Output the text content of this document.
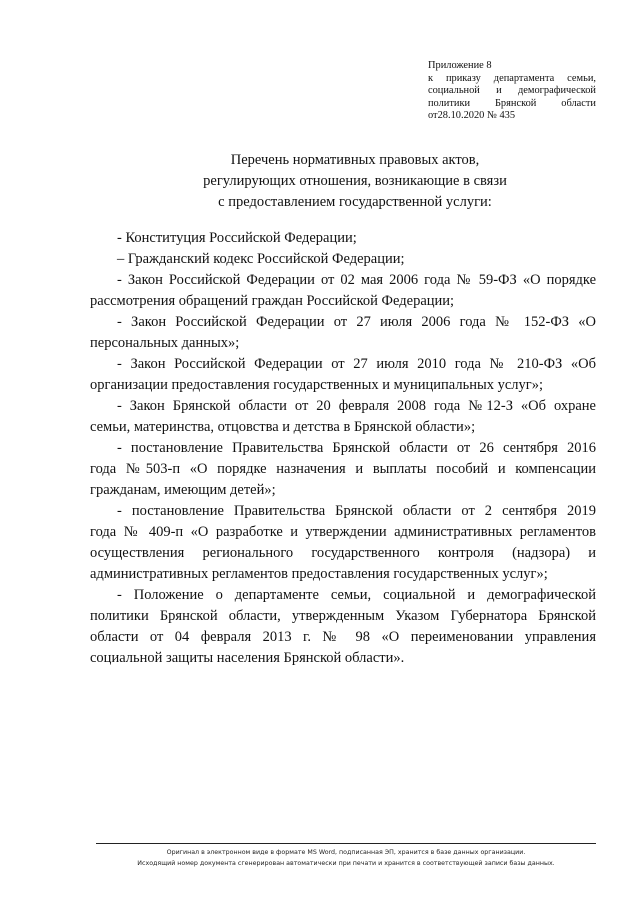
Приложение 8
к приказу департамента семьи,
социальной и демографической
политики Брянской области
от28.10.2020 № 435
Перечень нормативных правовых актов,
регулирующих отношения, возникающие в связи
с предоставлением государственной услуги:
- Конституция Российской Федерации;
– Гражданский кодекс Российской Федерации;
- Закон Российской Федерации от 02 мая 2006 года № 59-ФЗ «О порядке
рассмотрения обращений граждан Российской Федерации;
- Закон Российской Федерации от 27 июля 2006 года № 152-ФЗ «О
персональных данных»;
- Закон Российской Федерации от 27 июля 2010 года № 210-ФЗ «Об
организации предоставления государственных и муниципальных услуг»;
- Закон Брянской области от 20 февраля 2008 года №12-З «Об охране
семьи, материнства, отцовства и детства в Брянской области»;
- постановление Правительства Брянской области от 26 сентября 2016
года №503-п «О порядке назначения и выплаты пособий и компенсации
гражданам, имеющим детей»;
- постановление Правительства Брянской области от 2 сентября 2019
года № 409-п «О разработке и утверждении административных регламентов
осуществления регионального государственного контроля (надзора) и
административных регламентов предоставления государственных услуг»;
- Положение о департаменте семьи, социальной и демографической
политики Брянской области, утвержденным Указом Губернатора Брянской
области от 04 февраля 2013 г. № 98 «О переименовании управления
социальной защиты населения Брянской области».
Оригинал в электронном виде в формате MS Word, подписанная ЭП, хранится в базе данных организации.
Исходящий номер документа сгенерирован автоматически при печати и хранится в соответствующей записи базы данных.
